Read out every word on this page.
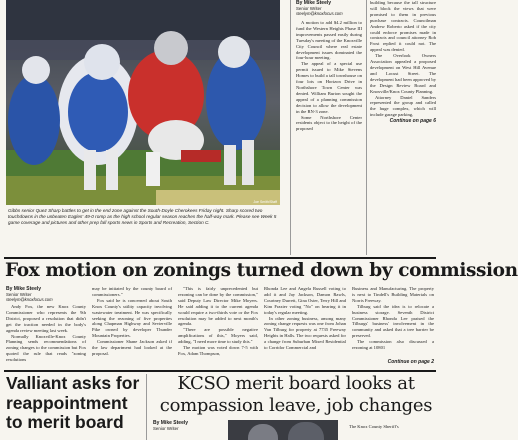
Joe Smith/Staff
Gibbs senior Quez Sharp battles to get in the end zone against the South-Doyle Cherokees Friday night. Sharp scored two touchdowns in the unbeaten Eagles' 49-0 romp as the high school regular season reaches the half-way mark. Please see Week 5 game coverage and pictures and other prep fall sports news in Sports and Recreation, Section C.
By Mike Steely
Senior Writer
steelym@knoxfocus.com

A motion to add $4.2 million to fund the Western Heights Phase III improvements passed easily during Tuesday's meeting of the Knoxville City Council where real estate development issues dominated the four-hour meeting.

The appeal of a special use permit issued to Mike Stevens Homes to build a tall townhouse on four lots on Horizon Drive in Northshore Town Center was denied. William Burton sought the appeal of a planning commission decision to allow the development in the RN-3 zone.

Some Northshore Center residents object to the height of the proposed

building because the tall structure will block the views that were promised to them in previous purchase contracts. Councilman Andrew Roberto asked if the city could enforce promises made in contracts and council attorney Rob Frost replied it could not. The appeal was denied.

The Overlook Owners Association appealed a proposed development on West Hill Avenue and Locust Street. The development had been approved by the Design Review Board and Knoxville/Knox County Planning.

Attorney Daniel Sanders represented the group and called the huge complex, which will include garage parking,

Continue on page 6
Fox motion on zonings turned down by commission
By Mike Steely
Senior Writer
steelym@knoxfocus.com

Andy Fox, the new Knox County Commissioner who represents the 9th District, proposed a resolution that didn't get the traction needed in the body's agenda review meeting last week.

Normally Knoxville-Knox County Planning sends recommendations of zoning changes to the commission but Fox quoted the rule that reads "zoning resolutions

may be initiated by the county board of commissioners."

Fox said he is concerned about South Knox County's utility capacity involving wastewater treatment. He was specifically seeking the rezoning of five properties along Chapman Highway and Sevierville Pike owned by developer Thunder Mountain Properties.

Commissioner Shane Jackson asked if the law department had looked at the proposal.

"This is fairly unprecedented but rezoning can be done by the commission," said Deputy Law Director Mike Moyers. He said adding it to the current agenda would require a two-thirds vote or the Fox resolution may be added to next month's agenda.

"There are possible negative amplifications of this," Moyers said, adding, "I need more time to study this."

The motion was voted down 7-5 with Fox, Adam Thompson,

Rhonda Lee and Angela Russell voting to add it and Jay Jackson, Damon Rawls, Courtney Durrett, Gina Oster, Terry Hill and Kim Frazier voting "No" on hearing it in today's regular meeting.

In other zoning business, among many zoning change requests was one from Johan Van Tilburg for property at 7735 Freeway Heights in Halls. The two requests asked for a change from Suburban Mixed Residential to Corridor Commercial and

Business and Manufacturing. The property is next to Tindell's Building Materials on Norris Freeway.

Tilburg said the idea is to relocate a business storage. Seventh District Commissioner Rhonda Lee praised the Tilburgs' business' involvement in the community and asked that a tree barrier be preserved.

The commission also discussed a rezoning at 10801

Continue on page 2
Valliant asks for
reappointment
to merit board
KCSO merit board looks at
compassion leave, job changes
By Mike Steely
Senior Writer	The Knox County Sheriff's
